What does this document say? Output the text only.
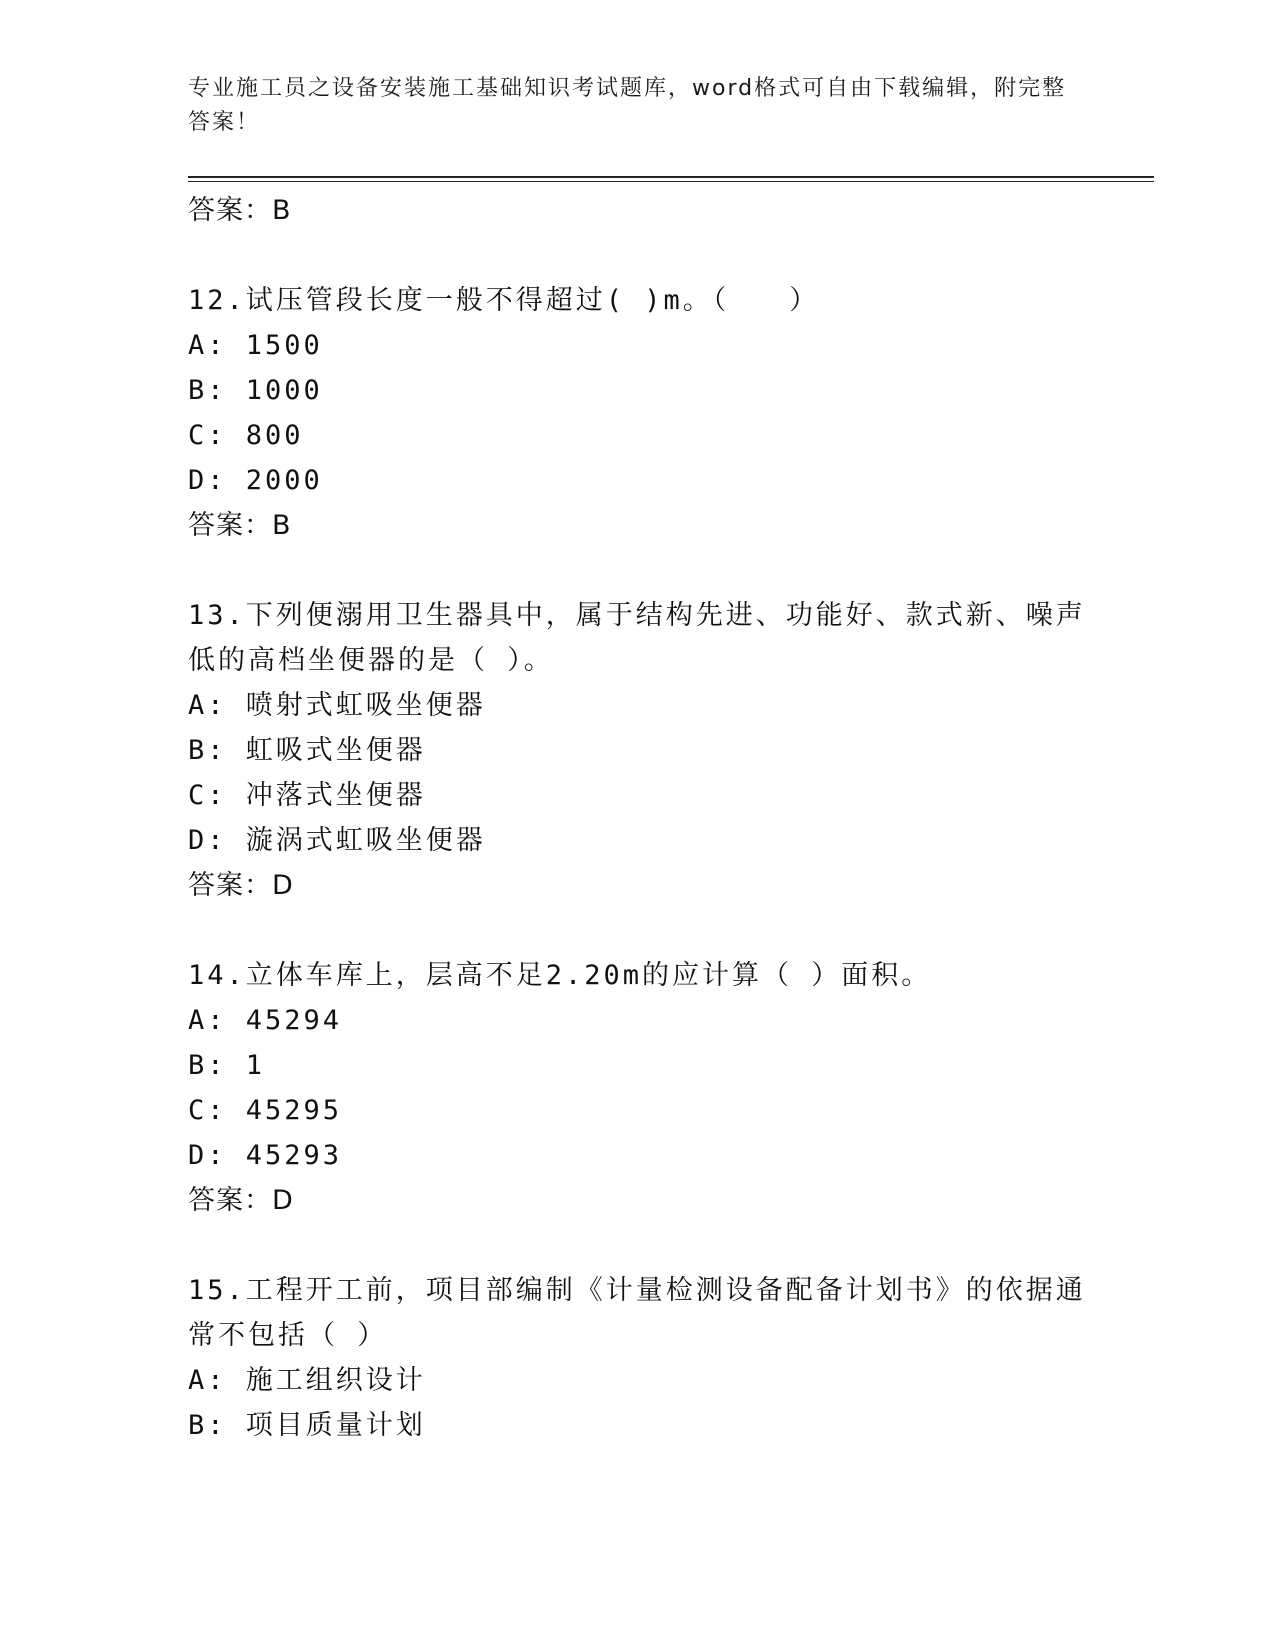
专业施工员之设备安装施工基础知识考试题库，word格式可自由下载编辑，附完整答案！
答案：B
12.试压管段长度一般不得超过( )m。（　　）
A: 1500
B: 1000
C: 800
D: 2000
答案：B
13.下列便溺用卫生器具中，属于结构先进、功能好、款式新、噪声低的高档坐便器的是（ ）。
A: 喷射式虹吸坐便器
B: 虹吸式坐便器
C: 冲落式坐便器
D: 漩涡式虹吸坐便器
答案：D
14.立体车库上，层高不足2.20m的应计算（ ）面积。
A: 45294
B: 1
C: 45295
D: 45293
答案：D
15.工程开工前，项目部编制《计量检测设备配备计划书》的依据通常不包括（ ）
A: 施工组织设计
B: 项目质量计划
